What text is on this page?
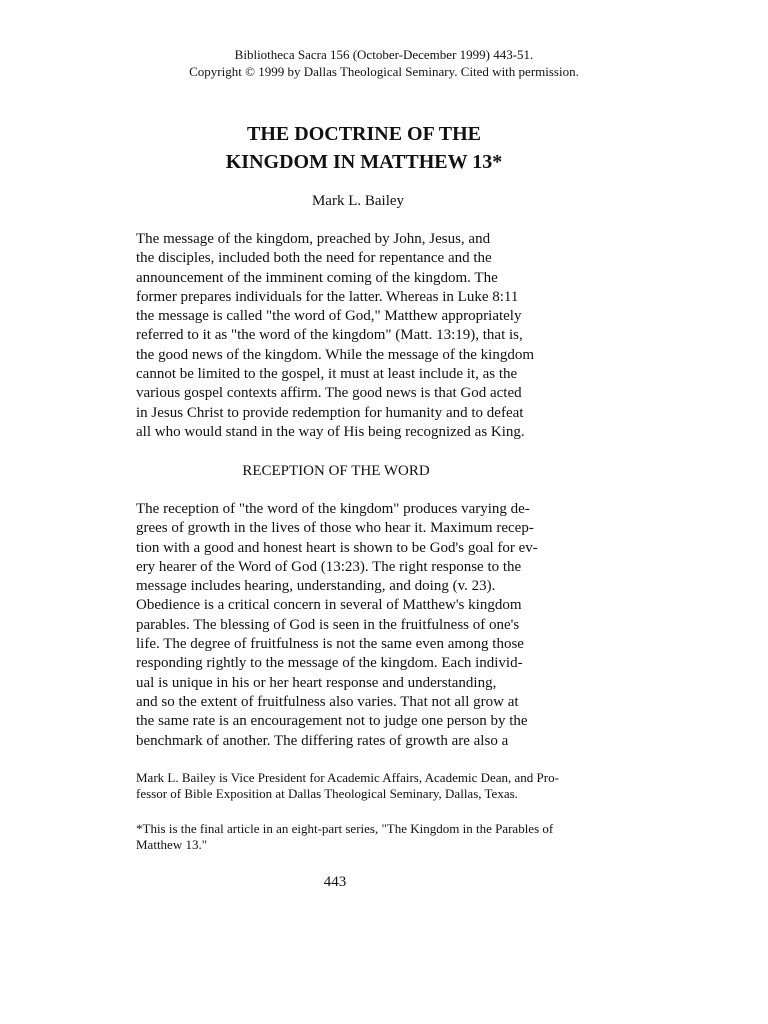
Bibliotheca Sacra 156 (October-December 1999) 443-51.
Copyright © 1999 by Dallas Theological Seminary. Cited with permission.
THE DOCTRINE OF THE
KINGDOM IN MATTHEW 13*
Mark L. Bailey
The message of the kingdom, preached by John, Jesus, and
the disciples, included both the need for repentance and the
announcement of the imminent coming of the kingdom. The
former prepares individuals for the latter. Whereas in Luke 8:11
the message is called "the word of God," Matthew appropriately
referred to it as "the word of the kingdom" (Matt. 13:19), that is,
the good news of the kingdom. While the message of the kingdom
cannot be limited to the gospel, it must at least include it, as the
various gospel contexts affirm. The good news is that God acted
in Jesus Christ to provide redemption for humanity and to defeat
all who would stand in the way of His being recognized as King.
RECEPTION OF THE WORD
The reception of "the word of the kingdom" produces varying de-
grees of growth in the lives of those who hear it. Maximum recep-
tion with a good and honest heart is shown to be God's goal for ev-
ery hearer of the Word of God (13:23). The right response to the
message includes hearing, understanding, and doing (v. 23).
Obedience is a critical concern in several of Matthew's kingdom
parables. The blessing of God is seen in the fruitfulness of one's
life. The degree of fruitfulness is not the same even among those
responding rightly to the message of the kingdom. Each individ-
ual is unique in his or her heart response and understanding,
and so the extent of fruitfulness also varies. That not all grow at
the same rate is an encouragement not to judge one person by the
benchmark of another. The differing rates of growth are also a
Mark L. Bailey is Vice President for Academic Affairs, Academic Dean, and Pro-
fessor of Bible Exposition at Dallas Theological Seminary, Dallas, Texas.
*This is the final article in an eight-part series, "The Kingdom in the Parables of
Matthew 13."
443
